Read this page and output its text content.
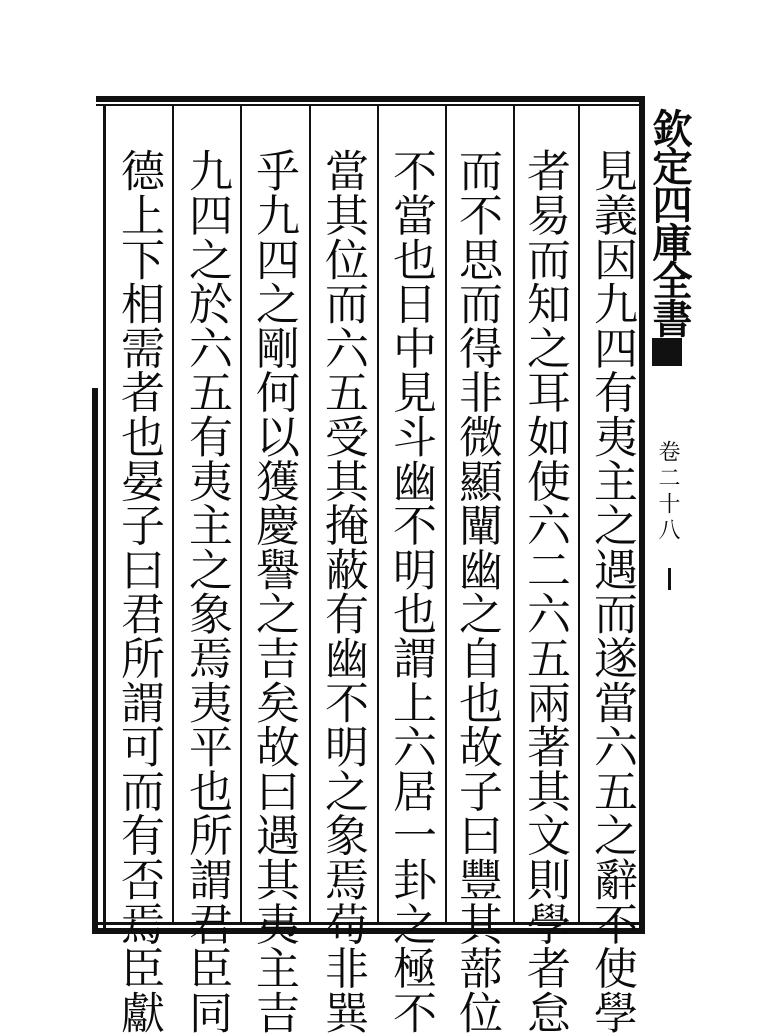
欽定四庫全書
卷二十八
見義因九四有夷主之遇而遂當六五之辭不使學
者易而知之耳如使六二六五兩著其文則學者怠
而不思而得非微顯闡幽之自也故子曰豐其蔀位
不當也日中見斗幽不明也謂上六居一卦之極不
當其位而六五受其掩蔽有幽不明之象焉苟非巽
乎九四之剛何以獲慶譽之吉矣故曰遇其夷主吉
九四之於六五有夷主之象焉夷平也所謂君臣同
德上下相需者也晏子曰君所謂可而有否焉臣獻
